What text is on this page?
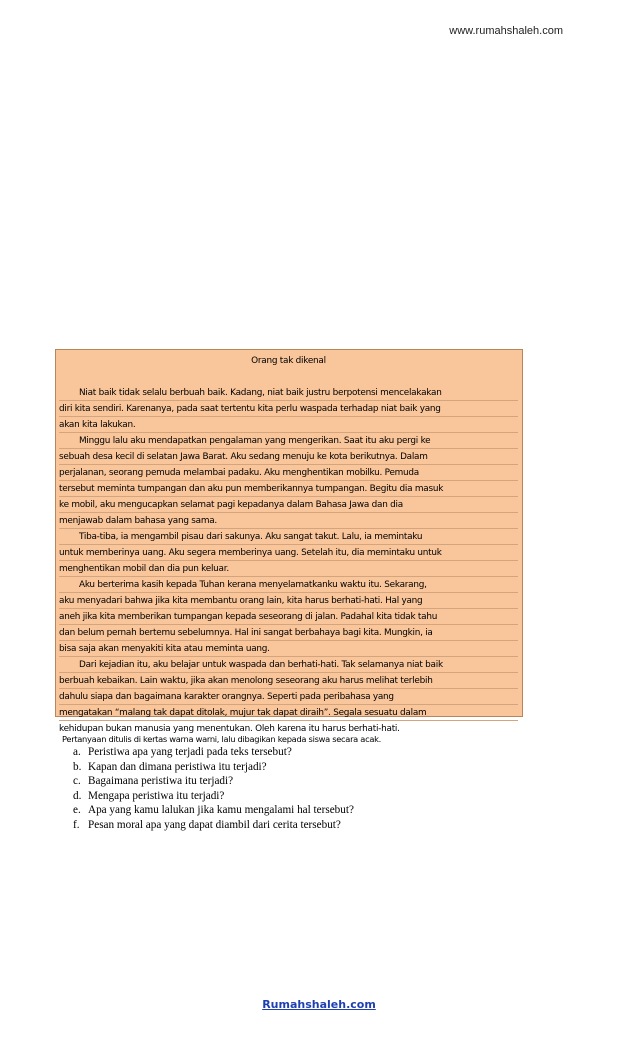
www.rumahshaleh.com
Orang tak dikenal
Niat baik tidak selalu berbuah baik. Kadang, niat baik justru berpotensi mencelakakan
diri kita sendiri. Karenanya, pada saat tertentu kita perlu waspada terhadap niat baik yang
akan kita lakukan.
Minggu lalu aku mendapatkan pengalaman yang mengerikan. Saat itu aku pergi ke
sebuah desa kecil di selatan Jawa Barat. Aku sedang menuju ke kota berikutnya. Dalam
perjalanan, seorang pemuda melambai padaku. Aku menghentikan mobilku. Pemuda
tersebut meminta tumpangan dan aku pun memberikannya tumpangan. Begitu dia masuk
ke mobil, aku mengucapkan selamat pagi kepadanya dalam Bahasa Jawa dan dia
menjawab dalam bahasa yang sama.
Tiba-tiba, ia mengambil pisau dari sakunya. Aku sangat takut. Lalu, ia memintaku
untuk memberinya uang. Aku segera memberinya uang. Setelah itu, dia memintaku untuk
menghentikan mobil dan dia pun keluar.
Aku berterima kasih kepada Tuhan kerana menyelamatkanku waktu itu. Sekarang,
aku menyadari bahwa jika kita membantu orang lain, kita harus berhati-hati. Hal yang
aneh jika kita memberikan tumpangan kepada seseorang di jalan. Padahal kita tidak tahu
dan belum pernah bertemu sebelumnya. Hal ini sangat berbahaya bagi kita. Mungkin, ia
bisa saja akan menyakiti kita atau meminta uang.
Dari kejadian itu, aku belajar untuk waspada dan berhati-hati. Tak selamanya niat baik
berbuah kebaikan. Lain waktu, jika akan menolong seseorang aku harus melihat terlebih
dahulu siapa dan bagaimana karakter orangnya. Seperti pada peribahasa yang
mengatakan “malang tak dapat ditolak, mujur tak dapat diraih”. Segala sesuatu dalam
kehidupan bukan manusia yang menentukan. Oleh karena itu harus berhati-hati.
Pertanyaan ditulis di kertas warna warni, lalu dibagikan kepada siswa secara acak.
a. Peristiwa apa yang terjadi pada teks tersebut?
b. Kapan dan dimana peristiwa itu terjadi?
c. Bagaimana peristiwa itu terjadi?
d. Mengapa peristiwa itu terjadi?
e. Apa yang kamu lalukan jika kamu mengalami hal tersebut?
f. Pesan moral apa yang dapat diambil dari cerita tersebut?
Rumahshaleh.com
